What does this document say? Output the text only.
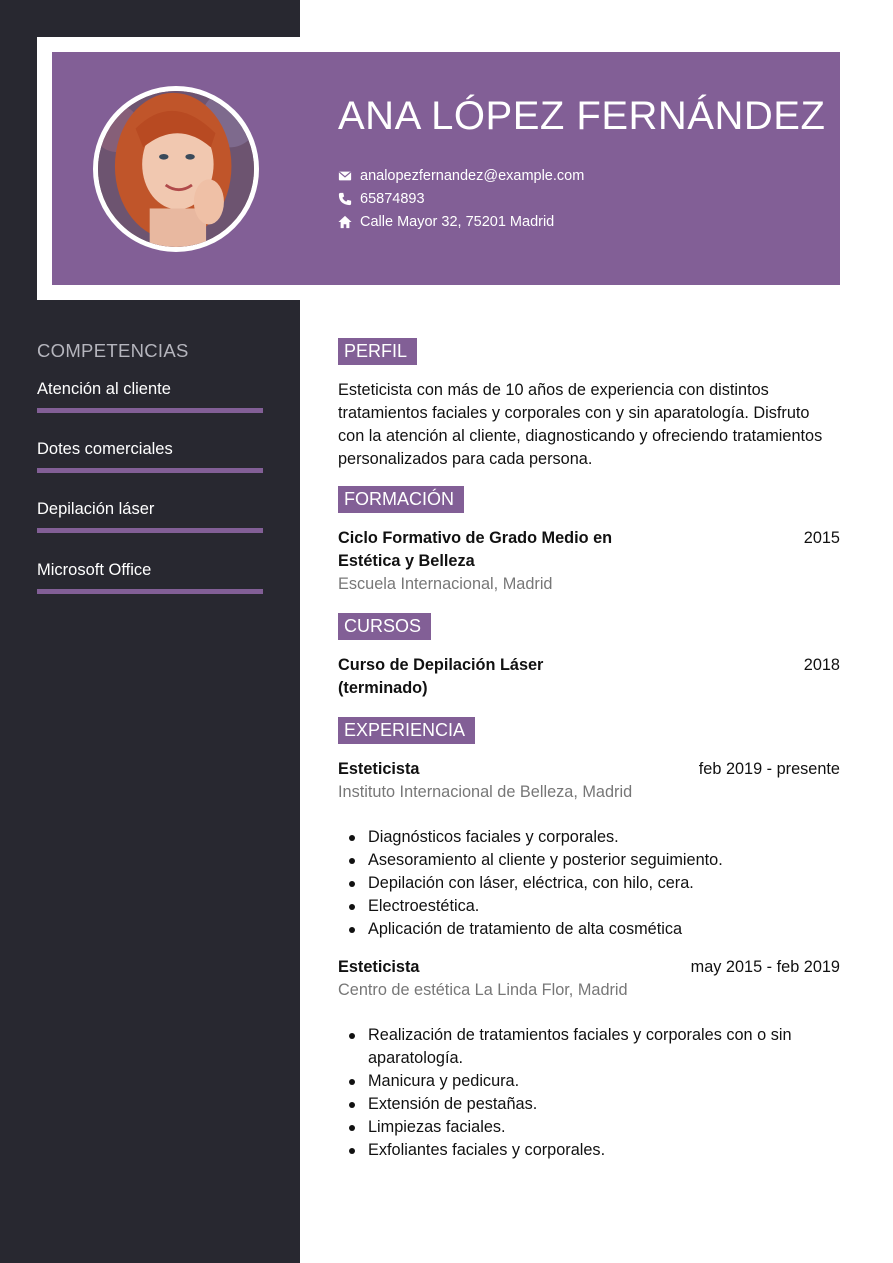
ANA LÓPEZ FERNÁNDEZ
analopezfernandez@example.com
65874893
Calle Mayor 32, 75201 Madrid
COMPETENCIAS
Atención al cliente
Dotes comerciales
Depilación láser
Microsoft Office
PERFIL

Esteticista con más de 10 años de experiencia con distintos tratamientos faciales y corporales con y sin aparatología. Disfruto con la atención al cliente, diagnosticando y ofreciendo tratamientos personalizados para cada persona.

FORMACIÓN
Ciclo Formativo de Grado Medio en Estética y Belleza
2015
Escuela Internacional, Madrid
CURSOS
Curso de Depilación Láser (terminado)
2018
EXPERIENCIA
Esteticista	feb 2019 - presente
Instituto Internacional de Belleza, Madrid
Diagnósticos faciales y corporales.
Asesoramiento al cliente y posterior seguimiento.
Depilación con láser, eléctrica, con hilo, cera.
Electroestética.
Aplicación de tratamiento de alta cosmética
Esteticista	may 2015 - feb 2019
Centro de estética La Linda Flor, Madrid
Realización de tratamientos faciales y corporales con o sin aparatología.
Manicura y pedicura.
Extensión de pestañas.
Limpiezas faciales.
Exfoliantes faciales y corporales.
